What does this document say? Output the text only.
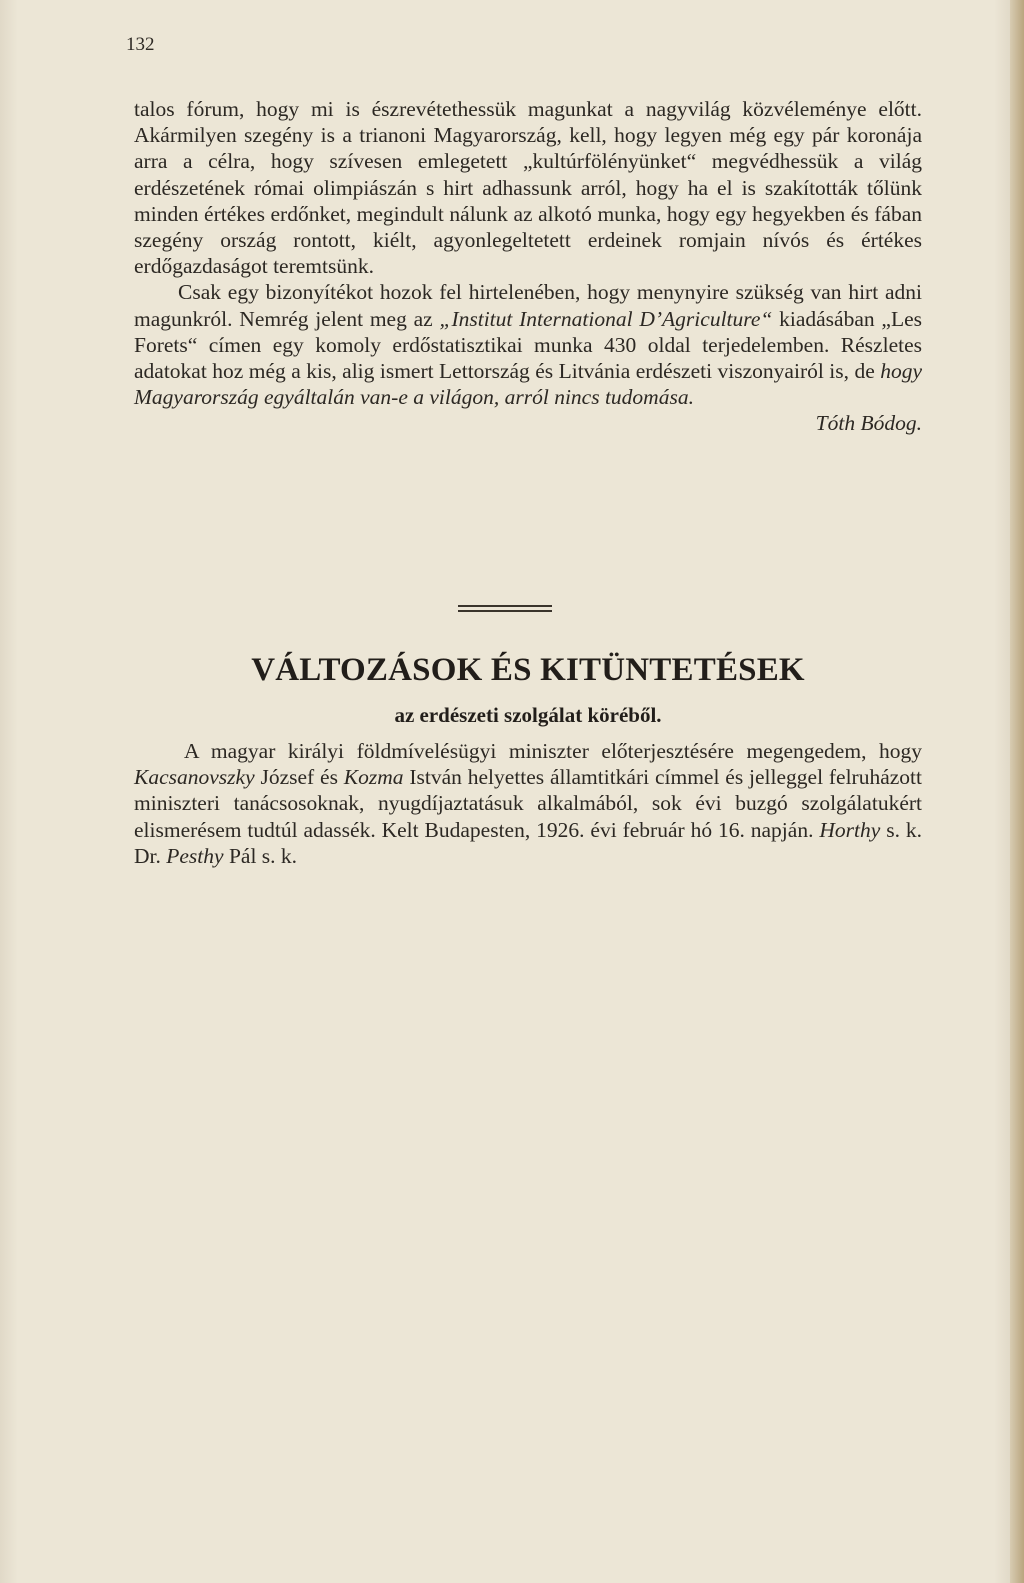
132

talos fórum, hogy mi is észrevétethessük magunkat a nagyvilág közvéleménye előtt. Akármilyen szegény is a trianoni Magyarország, kell, hogy legyen még egy pár koronája arra a célra, hogy szívesen emlegetett „kultúrfölényünket“ megvédhessük a világ erdészetének római olimpiászán s hirt adhassunk arról, hogy ha el is szakították tőlünk minden értékes erdőnket, megindult nálunk az alkotó munka, hogy egy hegyekben és fában szegény ország rontott, kiélt, agyonlegeltetett erdeinek romjain nívós és értékes erdőgazdaságot teremtsünk.

Csak egy bizonyítékot hozok fel hirtelenében, hogy menynyire szükség van hirt adni magunkról. Nemrég jelent meg az „Institut International D’Agriculture“ kiadásában „Les Forets“ címen egy komoly erdőstatisztikai munka 430 oldal terjedelemben. Részletes adatokat hoz még a kis, alig ismert Lettország és Litvánia erdészeti viszonyairól is, de hogy Magyarország egyáltalán van-e a világon, arról nincs tudomása.

Tóth Bódog.

VÁLTOZÁSOK ÉS KITÜNTETÉSEK
az erdészeti szolgálat köréből.

A magyar királyi földmívelésügyi miniszter előterjesztésére megengedem, hogy Kacsanovszky József és Kozma István helyettes államtitkári címmel és jelleggel felruházott miniszteri tanácsosoknak, nyugdíjaztatásuk alkalmából, sok évi buzgó szolgálatukért elismerésem tudtúl adassék. Kelt Budapesten, 1926. évi február hó 16. napján. Horthy s. k. Dr. Pesthy Pál s. k.
